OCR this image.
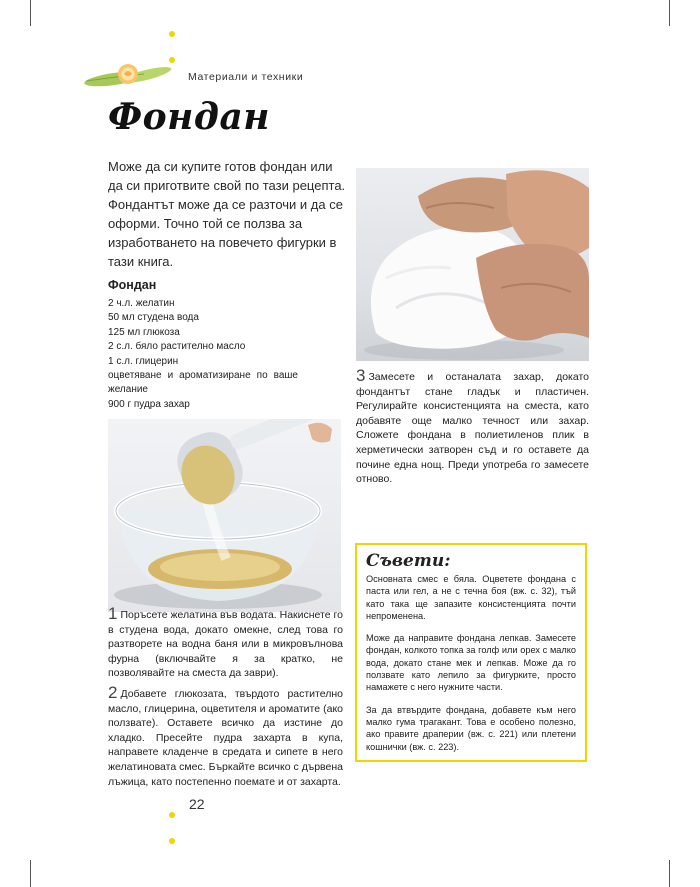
Материали и техники
Фондан

Може да си купите готов фондан или да си приготвите свой по тази рецепта. Фондантът може да се разточи и да се оформи. Точно той се ползва за изработването на повечето фигурки в тази книга.

Фондан
2 ч.л. желатин
50 мл студена вода
125 мл глюкоза
2 с.л. бяло растително масло
1 с.л. глицерин
оцветяване и ароматизиране по ваше желание
900 г пудра захар

3 Замесете и останалата захар, докато фондантът стане гладък и пластичен. Регулирайте консистенцията на сместа, като добавяте още малко течност или захар. Сложете фондана в полиетиленов плик в херметически затворен съд и го оставете да почине една нощ. Преди употреба го замесете отново.

1 Поръсете желатина във водата. Накиснете го в студена вода, докато омекне, след това го разтворете на водна баня или в микровълнова фурна (включвайте я за кратко, не позволявайте на сместа да заври).

2 Добавете глюкозата, твърдото растително масло, глицерина, оцветителя и ароматите (ако ползвате). Оставете всичко да изстине до хладко. Пресейте пудра захарта в купа, направете кладенче в средата и сипете в него желатиновата смес. Бъркайте всичко с дървена лъжица, като постепенно поемате и от захарта.

Съвети:

Основната смес е бяла. Оцветете фондана с паста или гел, а не с течна боя (вж. с. 32), тъй като така ще запазите консистенцията почти непроменена.

Може да направите фондана лепкав. Замесете фондан, колкото топка за голф или орех с малко вода, докато стане мек и лепкав. Може да го ползвате като лепило за фигурките, просто намажете с него нужните части.

За да втвърдите фондана, добавете към него малко гума трагакант. Това е особено полезно, ако правите драперии (вж. с. 221) или плетени кошнички (вж. с. 223).

22
